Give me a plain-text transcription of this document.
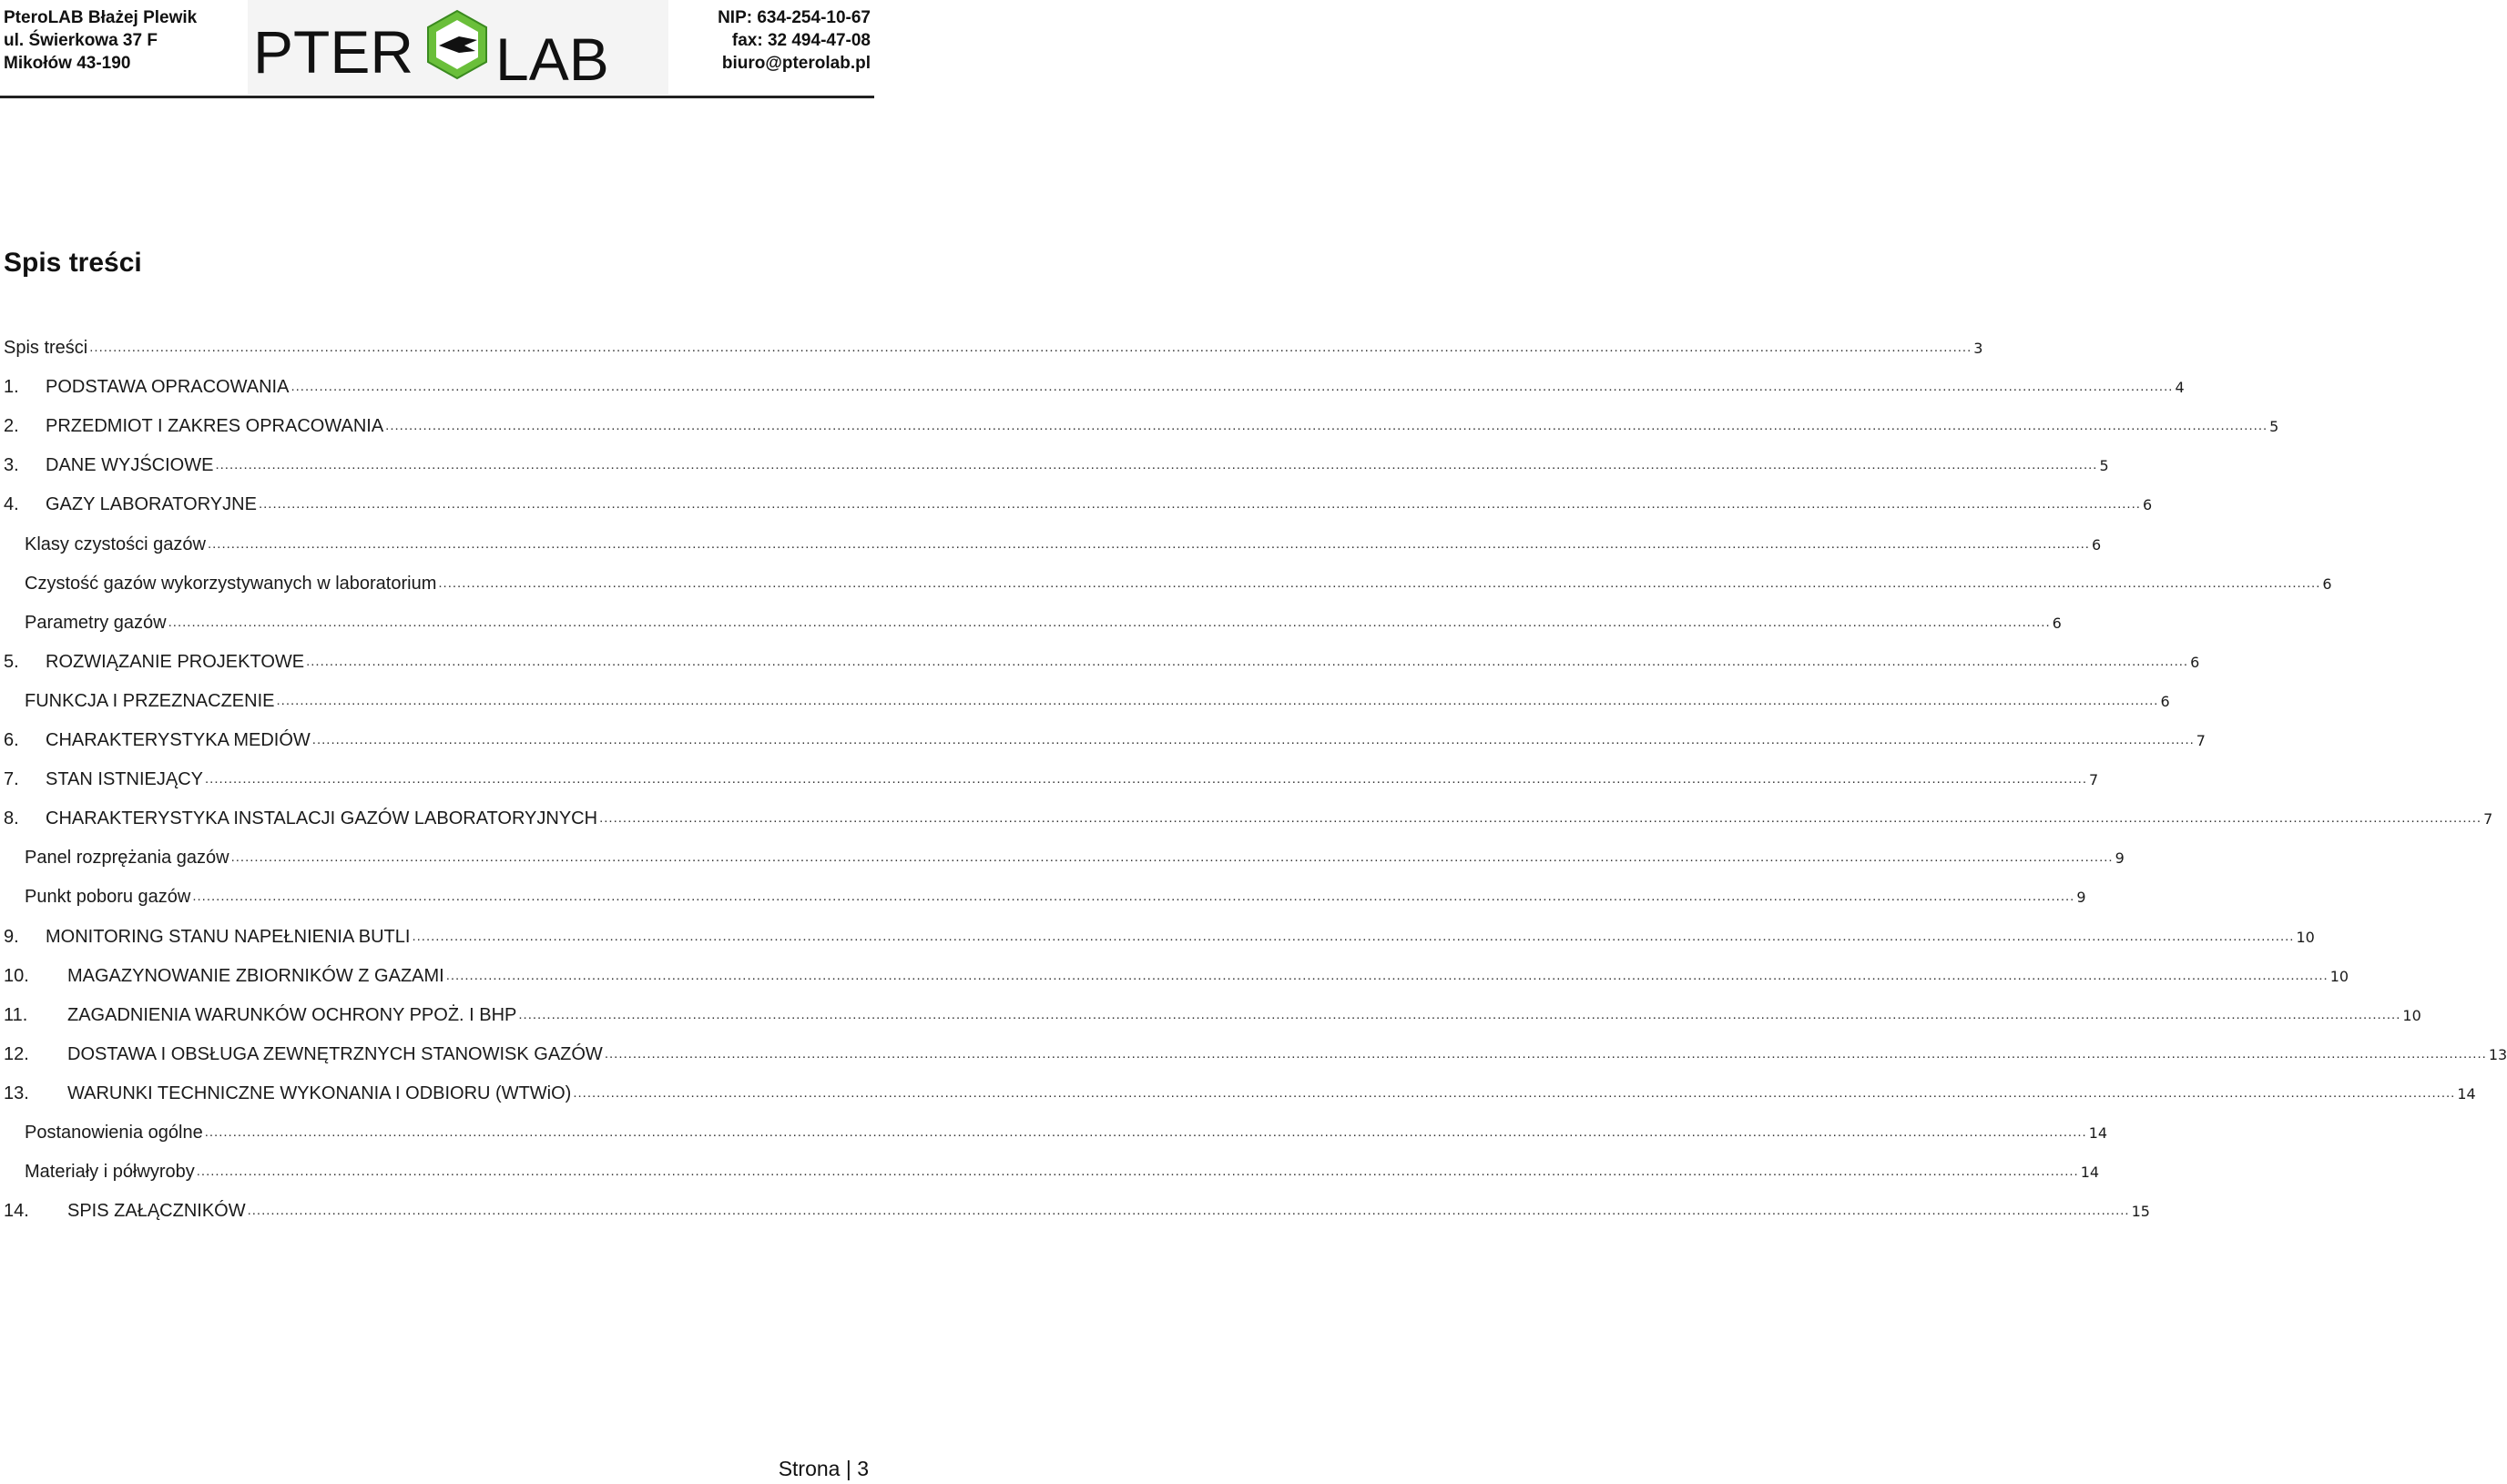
PteroLAB Błażej Plewik
ul. Świerkowa 37 F
Mikołów 43-190	PTER LAB
NIP: 634-254-10-67
fax: 32 494-47-08
biuro@pterolab.pl
Spis treści
Spis treści ................................................................................................................................................................................................................................................................................................................................................................................................................ 3
1.	PODSTAWA OPRACOWANIA ................................................................................................................................................................................................................................................................................................................................................................................................................ 4
2.	PRZEDMIOT I ZAKRES OPRACOWANIA ................................................................................................................................................................................................................................................................................................................................................................................................................ 5
3.	DANE WYJŚCIOWE ................................................................................................................................................................................................................................................................................................................................................................................................................ 5
4.	GAZY LABORATORYJNE ................................................................................................................................................................................................................................................................................................................................................................................................................ 6
Klasy czystości gazów ................................................................................................................................................................................................................................................................................................................................................................................................................ 6
Czystość gazów wykorzystywanych w laboratorium ................................................................................................................................................................................................................................................................................................................................................................................................................ 6
Parametry gazów ................................................................................................................................................................................................................................................................................................................................................................................................................ 6
5.	ROZWIĄZANIE PROJEKTOWE ................................................................................................................................................................................................................................................................................................................................................................................................................ 6
FUNKCJA I PRZEZNACZENIE ................................................................................................................................................................................................................................................................................................................................................................................................................ 6
6.	CHARAKTERYSTYKA MEDIÓW ................................................................................................................................................................................................................................................................................................................................................................................................................ 7
7.	STAN ISTNIEJĄCY ................................................................................................................................................................................................................................................................................................................................................................................................................ 7
8.	CHARAKTERYSTYKA INSTALACJI GAZÓW LABORATORYJNYCH ................................................................................................................................................................................................................................................................................................................................................................................................................ 7
Panel rozprężania gazów ................................................................................................................................................................................................................................................................................................................................................................................................................ 9
Punkt poboru gazów ................................................................................................................................................................................................................................................................................................................................................................................................................ 9
9.	MONITORING STANU NAPEŁNIENIA BUTLI ................................................................................................................................................................................................................................................................................................................................................................................................................ 10
10.	MAGAZYNOWANIE ZBIORNIKÓW Z GAZAMI ................................................................................................................................................................................................................................................................................................................................................................................................................ 10
11.	ZAGADNIENIA WARUNKÓW OCHRONY PPOŻ. I BHP ................................................................................................................................................................................................................................................................................................................................................................................................................ 10
12.	DOSTAWA I OBSŁUGA ZEWNĘTRZNYCH STANOWISK GAZÓW ................................................................................................................................................................................................................................................................................................................................................................................................................ 13
13.	WARUNKI TECHNICZNE WYKONANIA I ODBIORU (WTWiO) ................................................................................................................................................................................................................................................................................................................................................................................................................ 14
Postanowienia ogólne ................................................................................................................................................................................................................................................................................................................................................................................................................ 14
Materiały i półwyroby ................................................................................................................................................................................................................................................................................................................................................................................................................ 14
14.	SPIS ZAŁĄCZNIKÓW ................................................................................................................................................................................................................................................................................................................................................................................................................ 15
Strona | 3
